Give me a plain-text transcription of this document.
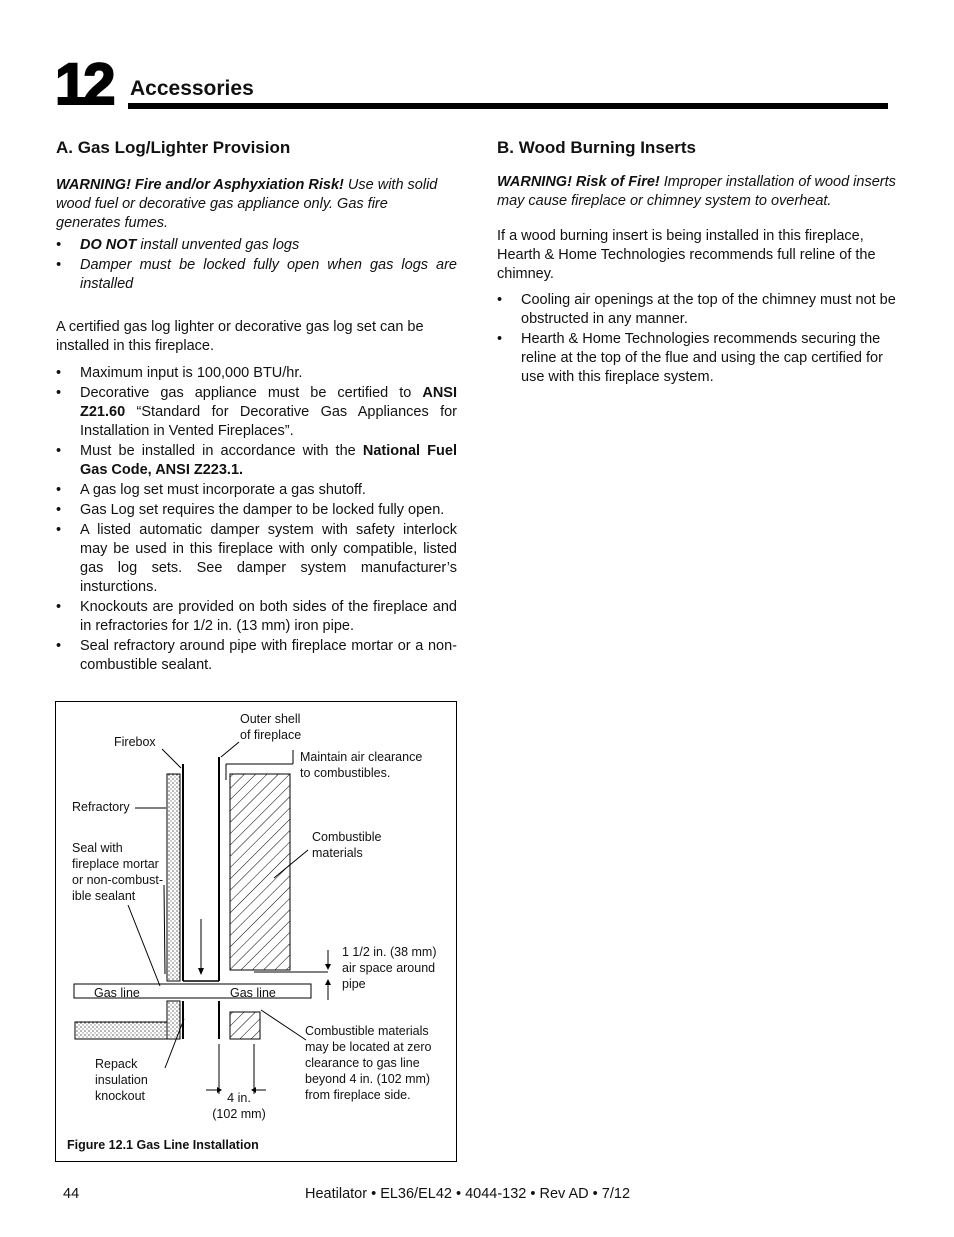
12 Accessories
A. Gas Log/Lighter Provision
WARNING! Fire and/or Asphyxiation Risk! Use with solid wood fuel or decorative gas appliance only. Gas fire generates fumes.
• DO NOT install unvented gas logs
• Damper must be locked fully open when gas logs are installed
A certified gas log lighter or decorative gas log set can be installed in this fireplace.
• Maximum input is 100,000 BTU/hr.
• Decorative gas appliance must be certified to ANSI Z21.60 “Standard for Decorative Gas Appliances for Installation in Vented Fireplaces”.
• Must be installed in accordance with the National Fuel Gas Code, ANSI Z223.1.
• A gas log set must incorporate a gas shutoff.
• Gas Log set requires the damper to be locked fully open.
• A listed automatic damper system with safety interlock may be used in this fireplace with only compatible, listed gas log sets. See damper system manufacturer’s insturctions.
• Knockouts are provided on both sides of the fireplace and in refractories for 1/2 in. (13 mm) iron pipe.
• Seal refractory around pipe with fireplace mortar or a non-combustible sealant.
B. Wood Burning Inserts
WARNING! Risk of Fire! Improper installation of wood inserts may cause fireplace or chimney system to overheat.
If a wood burning insert is being installed in this fireplace, Hearth & Home Technologies recommends full reline of the chimney.
• Cooling air openings at the top of the chimney must not be obstructed in any manner.
• Hearth & Home Technologies recommends securing the reline at the top of the flue and using the cap certified for use with this fireplace system.
Outer shell
of fireplace
Firebox
Maintain air clearance
to combustibles.
Refractory
Combustible
materials
Seal with
fireplace mortar
or non-combust-
ible sealant
1 1/2 in. (38 mm)
air space around
pipe
Gas line	Gas line
Combustible materials
may be located at zero
clearance to gas line
beyond 4 in. (102 mm)
from fireplace side.
Repack
insulation
knockout	4 in.
(102 mm)
Figure 12.1 Gas Line Installation
44	Heatilator • EL36/EL42 • 4044-132 • Rev AD • 7/12
